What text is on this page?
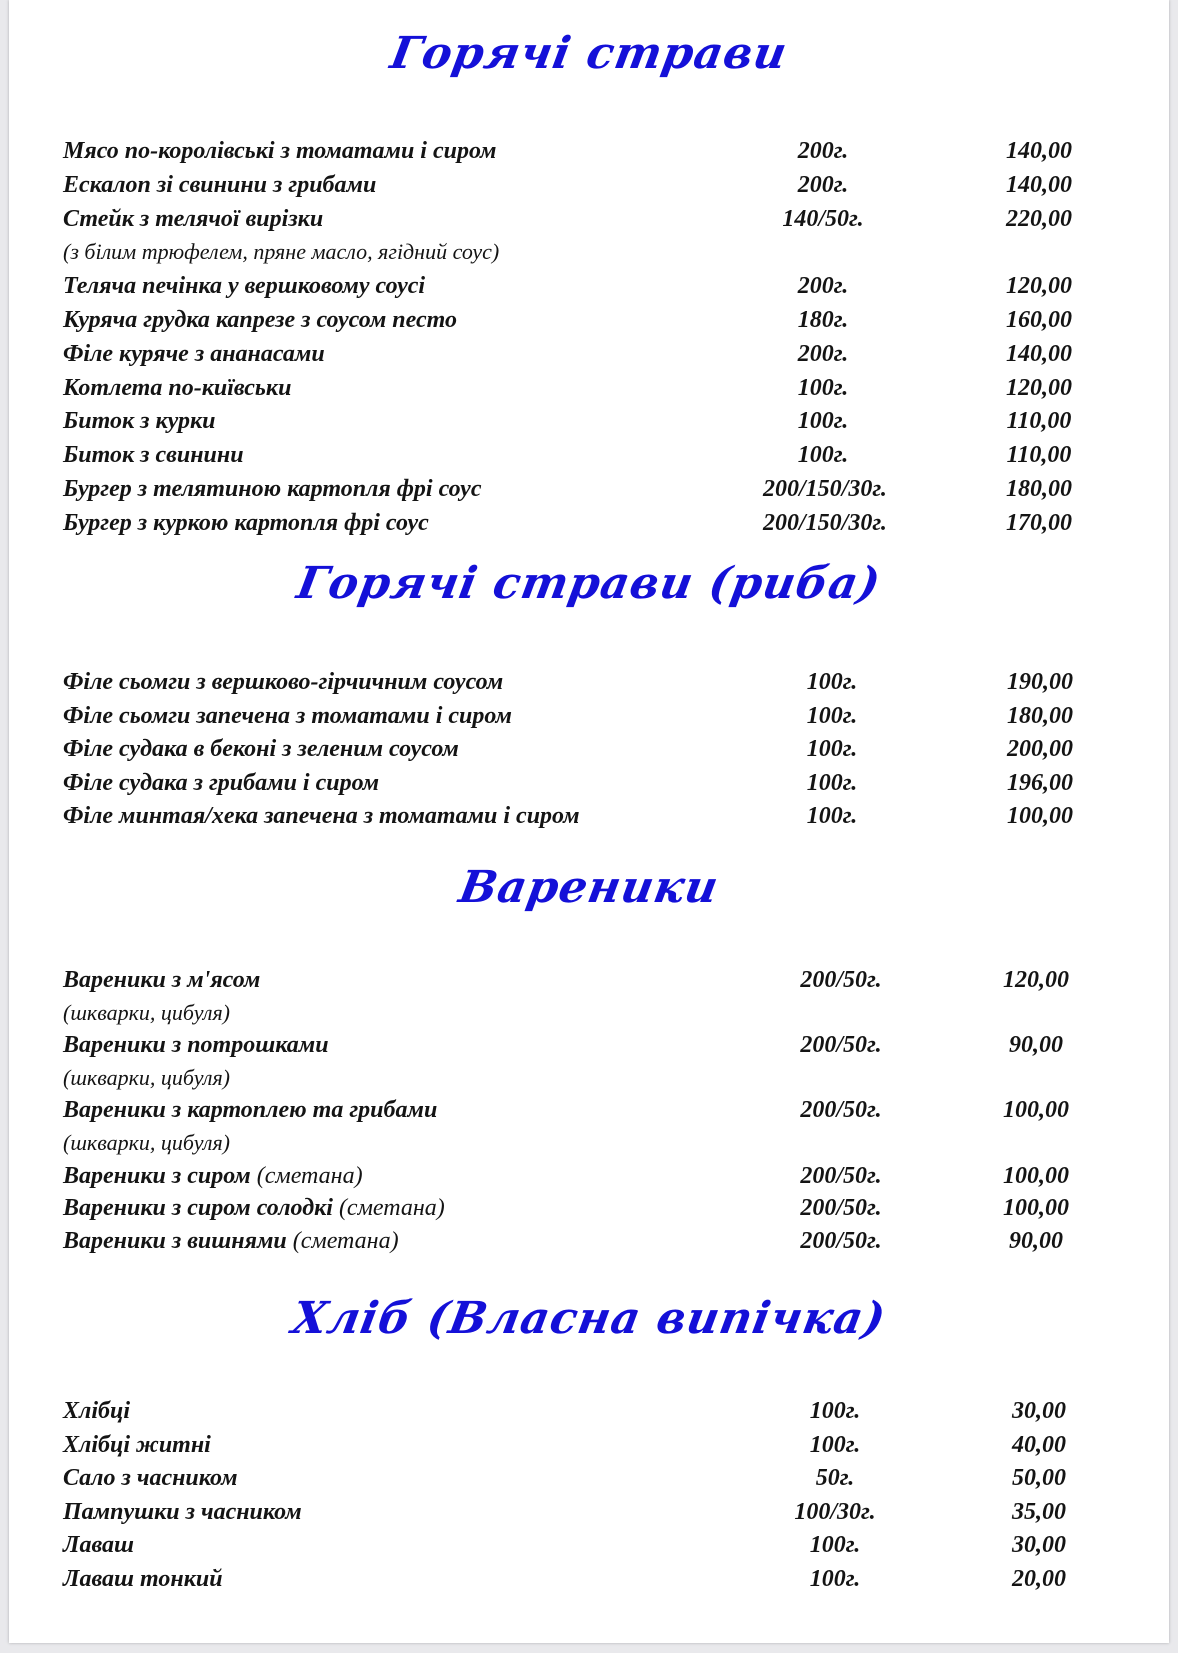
Горячі страви
Мясо по-королівські з томатами і сиром	200г.	140,00
Ескалоп зі свинини з грибами	200г.	140,00
Стейк з телячої вирізки	140/50г.	220,00
(з білим трюфелем, пряне масло, ягідний соус)
Теляча печінка у вершковому соусі	200г.	120,00
Куряча грудка капрезе з соусом песто	180г.	160,00
Філе куряче з ананасами	200г.	140,00
Котлета по-київськи	100г.	120,00
Биток з курки	100г.	110,00
Биток з свинини	100г.	110,00
Бургер з телятиною картопля фрі соус	200/150/30г.	180,00
Бургер з куркою картопля фрі соус	200/150/30г.	170,00
Горячі страви (риба)
Філе сьомги з вершково-гірчичним соусом	100г.	190,00
Філе сьомги запечена з томатами і сиром	100г.	180,00
Філе судака в беконі з зеленим соусом	100г.	200,00
Філе судака з грибами і сиром	100г.	196,00
Філе минтая/хека запечена з томатами і сиром	100г.	100,00
Вареники
Вареники з м'ясом	200/50г.	120,00
(шкварки, цибуля)
Вареники з потрошками	200/50г.	90,00
(шкварки, цибуля)
Вареники з картоплею та грибами	200/50г.	100,00
(шкварки, цибуля)
Вареники з сиром (сметана)	200/50г.	100,00
Вареники з сиром солодкі (сметана)	200/50г.	100,00
Вареники з вишнями (сметана)	200/50г.	90,00
Хліб (Власна випічка)
Хлібці	100г.	30,00
Хлібці житні	100г.	40,00
Сало з часником	50г.	50,00
Пампушки з часником	100/30г.	35,00
Лаваш	100г.	30,00
Лаваш тонкий	100г.	20,00
